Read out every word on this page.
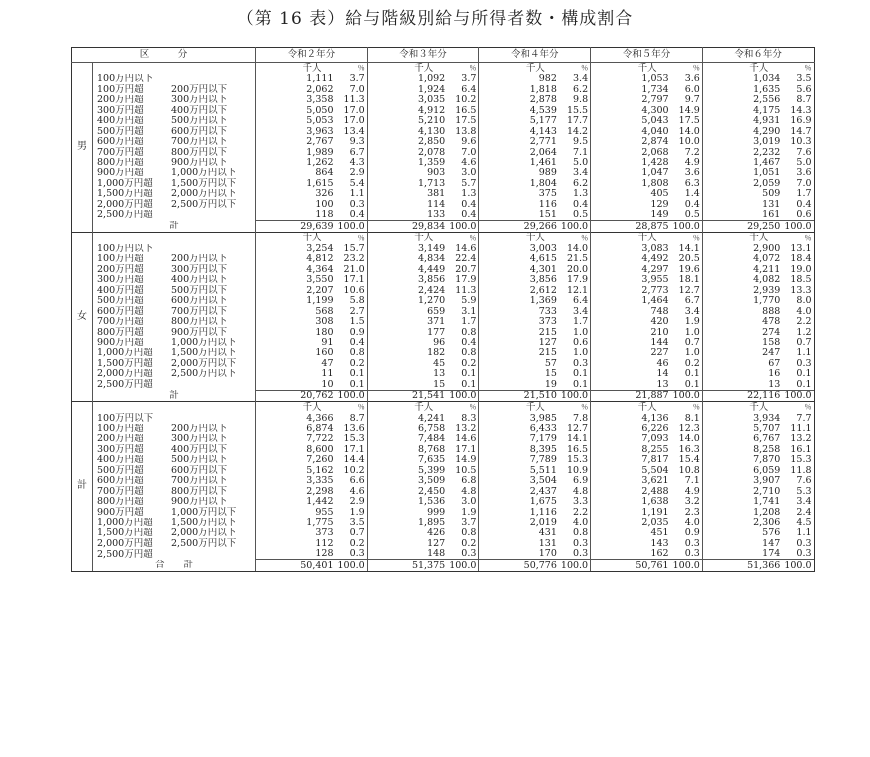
（第 16 表）給与階級別給与所得者数・構成割合
区　　　分		令和２年分		令和３年分		令和４年分		令和５年分		令和６年分	
男		千人	％	千人	％	千人	％	千人	％	千人	％
	100万円以下	1,111	3.7	1,092	3.7	982	3.4	1,053	3.6	1,034	3.5
	100万円超 200万円以下	2,062	7.0	1,924	6.4	1,818	6.2	1,734	6.0	1,635	5.6
	200万円超 300万円以下	3,358	11.3	3,035	10.2	2,878	9.8	2,797	9.7	2,556	8.7
	300万円超 400万円以下	5,050	17.0	4,912	16.5	4,539	15.5	4,300	14.9	4,175	14.3
	400万円超 500万円以下	5,053	17.0	5,210	17.5	5,177	17.7	5,043	17.5	4,931	16.9
	500万円超 600万円以下	3,963	13.4	4,130	13.8	4,143	14.2	4,040	14.0	4,290	14.7
	600万円超 700万円以下	2,767	9.3	2,850	9.6	2,771	9.5	2,874	10.0	3,019	10.3
	700万円超 800万円以下	1,989	6.7	2,078	7.0	2,064	7.1	2,068	7.2	2,232	7.6
	800万円超 900万円以下	1,262	4.3	1,359	4.6	1,461	5.0	1,428	4.9	1,467	5.0
	900万円超 1,000万円以下	864	2.9	903	3.0	989	3.4	1,047	3.6	1,051	3.6
	1,000万円超 1,500万円以下	1,615	5.4	1,713	5.7	1,804	6.2	1,808	6.3	2,059	7.0
	1,500万円超 2,000万円以下	326	1.1	381	1.3	375	1.3	405	1.4	509	1.7
	2,000万円超 2,500万円以下	100	0.3	114	0.4	116	0.4	129	0.4	131	0.4
	2,500万円超	118	0.4	133	0.4	151	0.5	149	0.5	161	0.6
	計	29,639	100.0	29,834	100.0	29,266	100.0	28,875	100.0	29,250	100.0
女		千人	％	千人	％	千人	％	千人	％	千人	％
	100万円以下	3,254	15.7	3,149	14.6	3,003	14.0	3,083	14.1	2,900	13.1
	100万円超 200万円以下	4,812	23.2	4,834	22.4	4,615	21.5	4,492	20.5	4,072	18.4
	200万円超 300万円以下	4,364	21.0	4,449	20.7	4,301	20.0	4,297	19.6	4,211	19.0
	300万円超 400万円以下	3,550	17.1	3,856	17.9	3,856	17.9	3,955	18.1	4,082	18.5
	400万円超 500万円以下	2,207	10.6	2,424	11.3	2,612	12.1	2,773	12.7	2,939	13.3
	500万円超 600万円以下	1,199	5.8	1,270	5.9	1,369	6.4	1,464	6.7	1,770	8.0
	600万円超 700万円以下	568	2.7	659	3.1	733	3.4	748	3.4	888	4.0
	700万円超 800万円以下	308	1.5	371	1.7	373	1.7	420	1.9	478	2.2
	800万円超 900万円以下	180	0.9	177	0.8	215	1.0	210	1.0	274	1.2
	900万円超 1,000万円以下	91	0.4	96	0.4	127	0.6	144	0.7	158	0.7
	1,000万円超 1,500万円以下	160	0.8	182	0.8	215	1.0	227	1.0	247	1.1
	1,500万円超 2,000万円以下	47	0.2	45	0.2	57	0.3	46	0.2	67	0.3
	2,000万円超 2,500万円以下	11	0.1	13	0.1	15	0.1	14	0.1	16	0.1
	2,500万円超	10	0.1	15	0.1	19	0.1	13	0.1	13	0.1
	計	20,762	100.0	21,541	100.0	21,510	100.0	21,887	100.0	22,116	100.0
計		千人	％	千人	％	千人	％	千人	％	千人	％
	100万円以下	4,366	8.7	4,241	8.3	3,985	7.8	4,136	8.1	3,934	7.7
	100万円超 200万円以下	6,874	13.6	6,758	13.2	6,433	12.7	6,226	12.3	5,707	11.1
	200万円超 300万円以下	7,722	15.3	7,484	14.6	7,179	14.1	7,093	14.0	6,767	13.2
	300万円超 400万円以下	8,600	17.1	8,768	17.1	8,395	16.5	8,255	16.3	8,258	16.1
	400万円超 500万円以下	7,260	14.4	7,635	14.9	7,789	15.3	7,817	15.4	7,870	15.3
	500万円超 600万円以下	5,162	10.2	5,399	10.5	5,511	10.9	5,504	10.8	6,059	11.8
	600万円超 700万円以下	3,335	6.6	3,509	6.8	3,504	6.9	3,621	7.1	3,907	7.6
	700万円超 800万円以下	2,298	4.6	2,450	4.8	2,437	4.8	2,488	4.9	2,710	5.3
	800万円超 900万円以下	1,442	2.9	1,536	3.0	1,675	3.3	1,638	3.2	1,741	3.4
	900万円超 1,000万円以下	955	1.9	999	1.9	1,116	2.2	1,191	2.3	1,208	2.4
	1,000万円超 1,500万円以下	1,775	3.5	1,895	3.7	2,019	4.0	2,035	4.0	2,306	4.5
	1,500万円超 2,000万円以下	373	0.7	426	0.8	431	0.8	451	0.9	576	1.1
	2,000万円超 2,500万円以下	112	0.2	127	0.2	131	0.3	143	0.3	147	0.3
	2,500万円超	128	0.3	148	0.3	170	0.3	162	0.3	174	0.3
	合　　計	50,401	100.0	51,375	100.0	50,776	100.0	50,761	100.0	51,366	100.0
